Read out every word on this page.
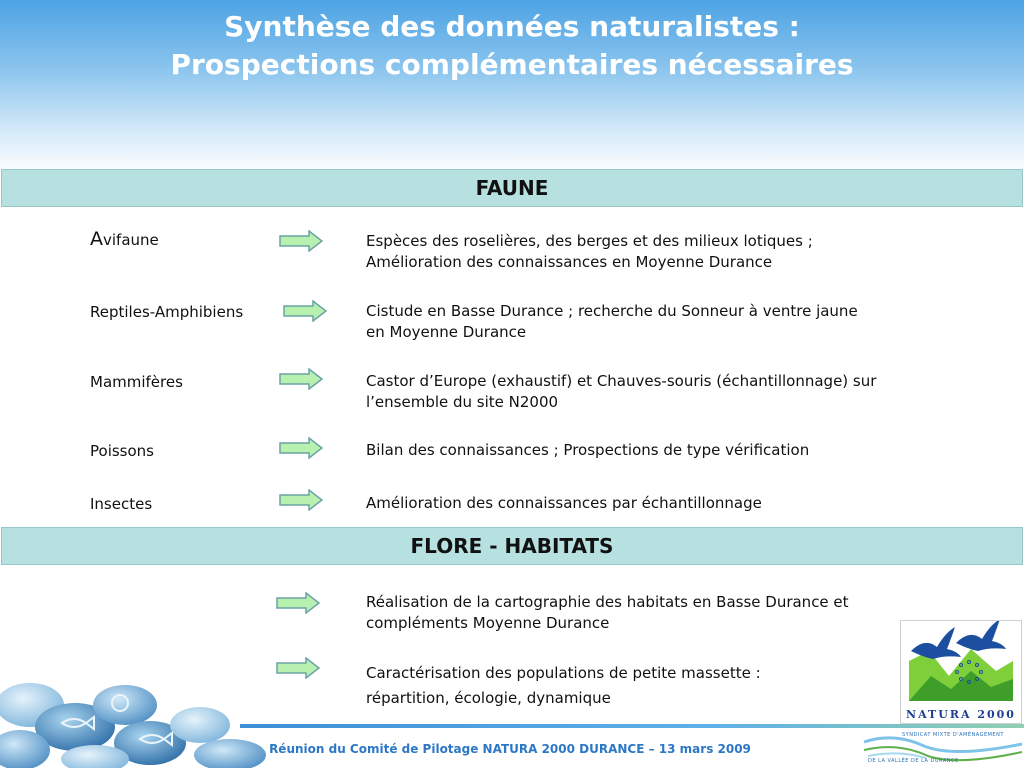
Synthèse des données naturalistes :
Prospections complémentaires nécessaires
FAUNE
Avifaune	Espèces des roselières, des berges et des milieux lotiques ;
Amélioration des connaissances en Moyenne Durance
Reptiles-Amphibiens	Cistude en Basse Durance ; recherche du Sonneur à ventre jaune
en Moyenne Durance
Mammifères	Castor d’Europe (exhaustif) et Chauves-souris (échantillonnage) sur
l’ensemble du site N2000
Poissons	Bilan des connaissances ; Prospections de type vérification
Insectes	Amélioration des connaissances par échantillonnage
FLORE - HABITATS
Réalisation de la cartographie des habitats en Basse Durance et
compléments Moyenne Durance
Caractérisation des populations de petite massette :
répartition, écologie, dynamique
Réunion du Comité de Pilotage NATURA 2000 DURANCE – 13 mars 2009
NATURA 2000
SYNDICAT MIXTE D'AMÉNAGEMENT
DE LA VALLÉE DE LA DURANCE
